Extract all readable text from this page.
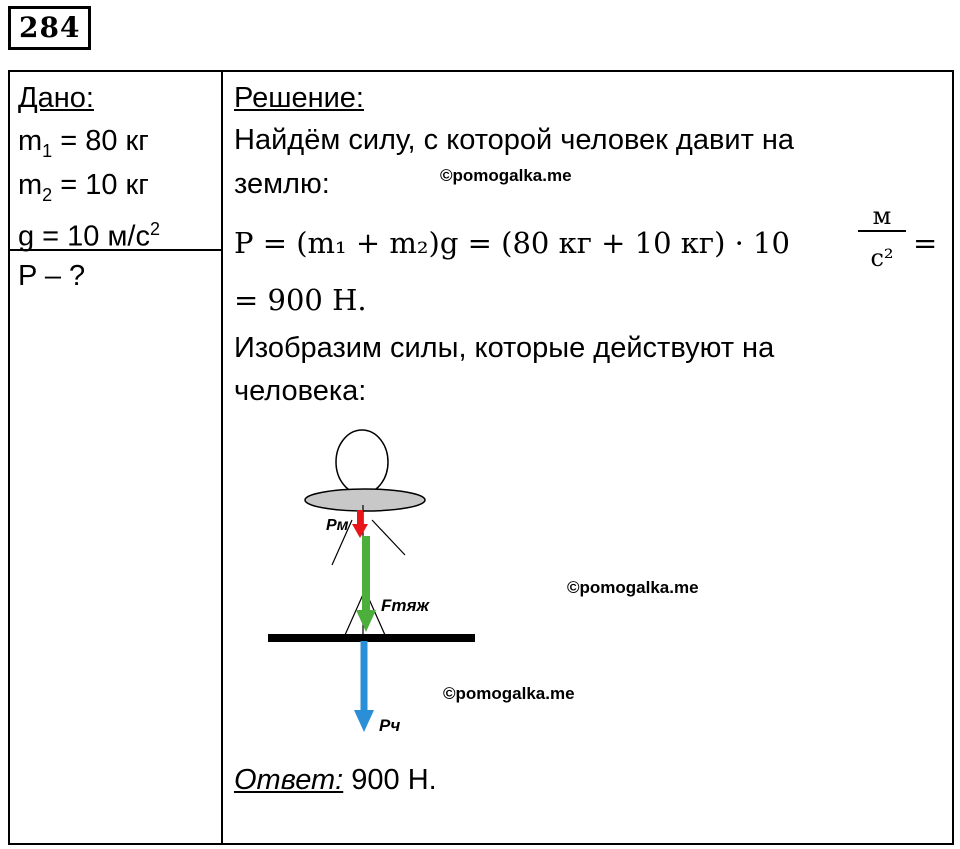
284
Дано:
$m_1 = 80$ кг
$m_2 = 10$ кг
g = 10 $м/с^2$
P – ?
Решение:
Найдём силу, с которой человек давит на
землю:
P = (m₁ + m₂)g = (80 кг + 10 кг) · 10
м
с² =
= 900 Н.
Изобразим силы, которые действуют на
человека:
Pм
Fтяж
Pч
©pomogalka.me
©pomogalka.me
©pomogalka.me
Ответ: 900 Н.
